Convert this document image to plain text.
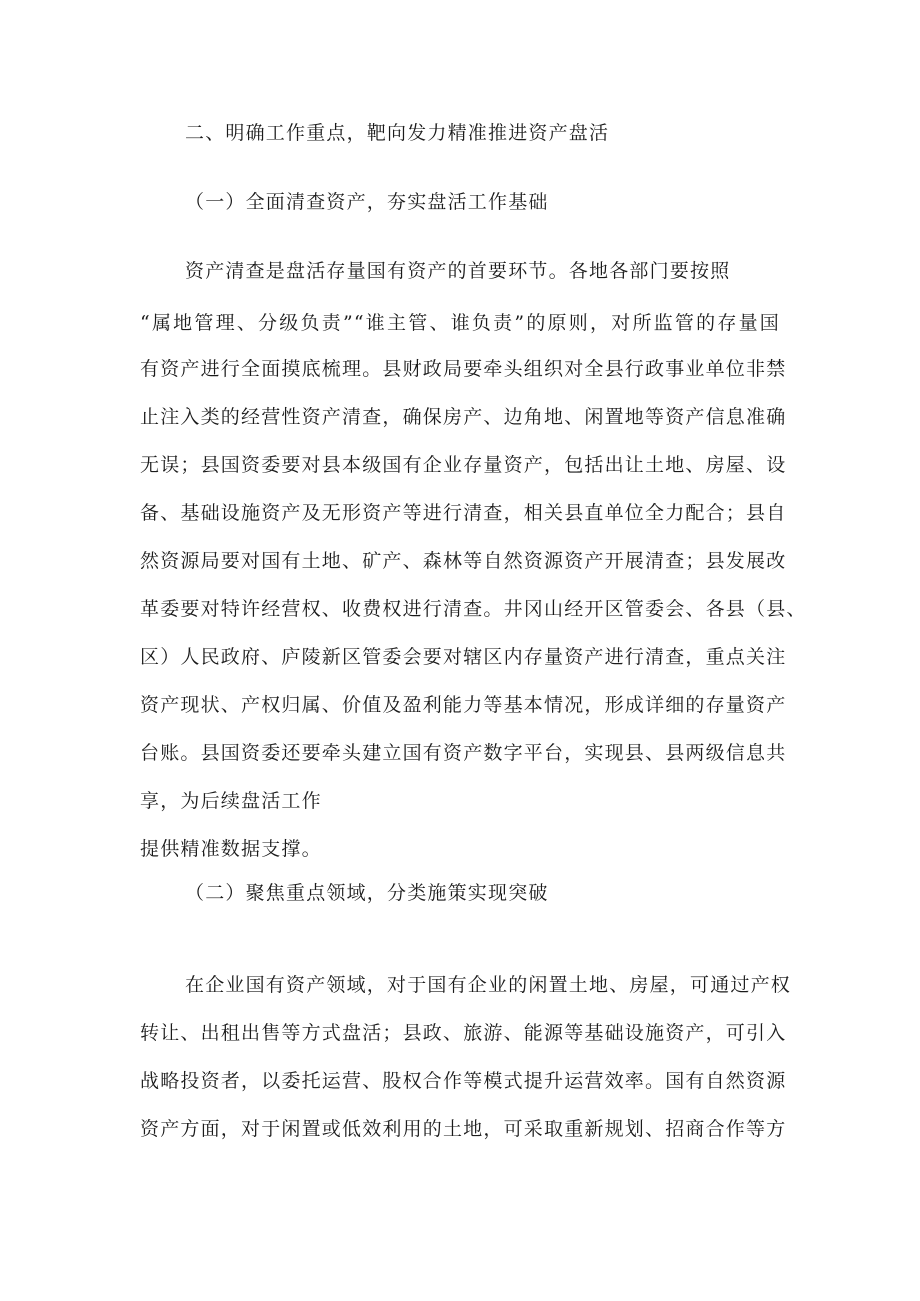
二、明确工作重点，靶向发力精准推进资产盘活
（一）全面清查资产，夯实盘活工作基础
资产清查是盘活存量国有资产的首要环节。各地各部门要按照
“属地管理、分级负责”“谁主管、谁负责”的原则，对所监管的存量国
有资产进行全面摸底梳理。县财政局要牵头组织对全县行政事业单位非禁
止注入类的经营性资产清查，确保房产、边角地、闲置地等资产信息准确
无误；县国资委要对县本级国有企业存量资产，包括出让土地、房屋、设
备、基础设施资产及无形资产等进行清查，相关县直单位全力配合；县自
然资源局要对国有土地、矿产、森林等自然资源资产开展清查；县发展改
革委要对特许经营权、收费权进行清查。井冈山经开区管委会、各县（县、
区）人民政府、庐陵新区管委会要对辖区内存量资产进行清查，重点关注
资产现状、产权归属、价值及盈利能力等基本情况，形成详细的存量资产
台账。县国资委还要牵头建立国有资产数字平台，实现县、县两级信息共
享，为后续盘活工作
提供精准数据支撑。
（二）聚焦重点领域，分类施策实现突破
在企业国有资产领域，对于国有企业的闲置土地、房屋，可通过产权
转让、出租出售等方式盘活；县政、旅游、能源等基础设施资产，可引入
战略投资者，以委托运营、股权合作等模式提升运营效率。国有自然资源
资产方面，对于闲置或低效利用的土地，可采取重新规划、招商合作等方
